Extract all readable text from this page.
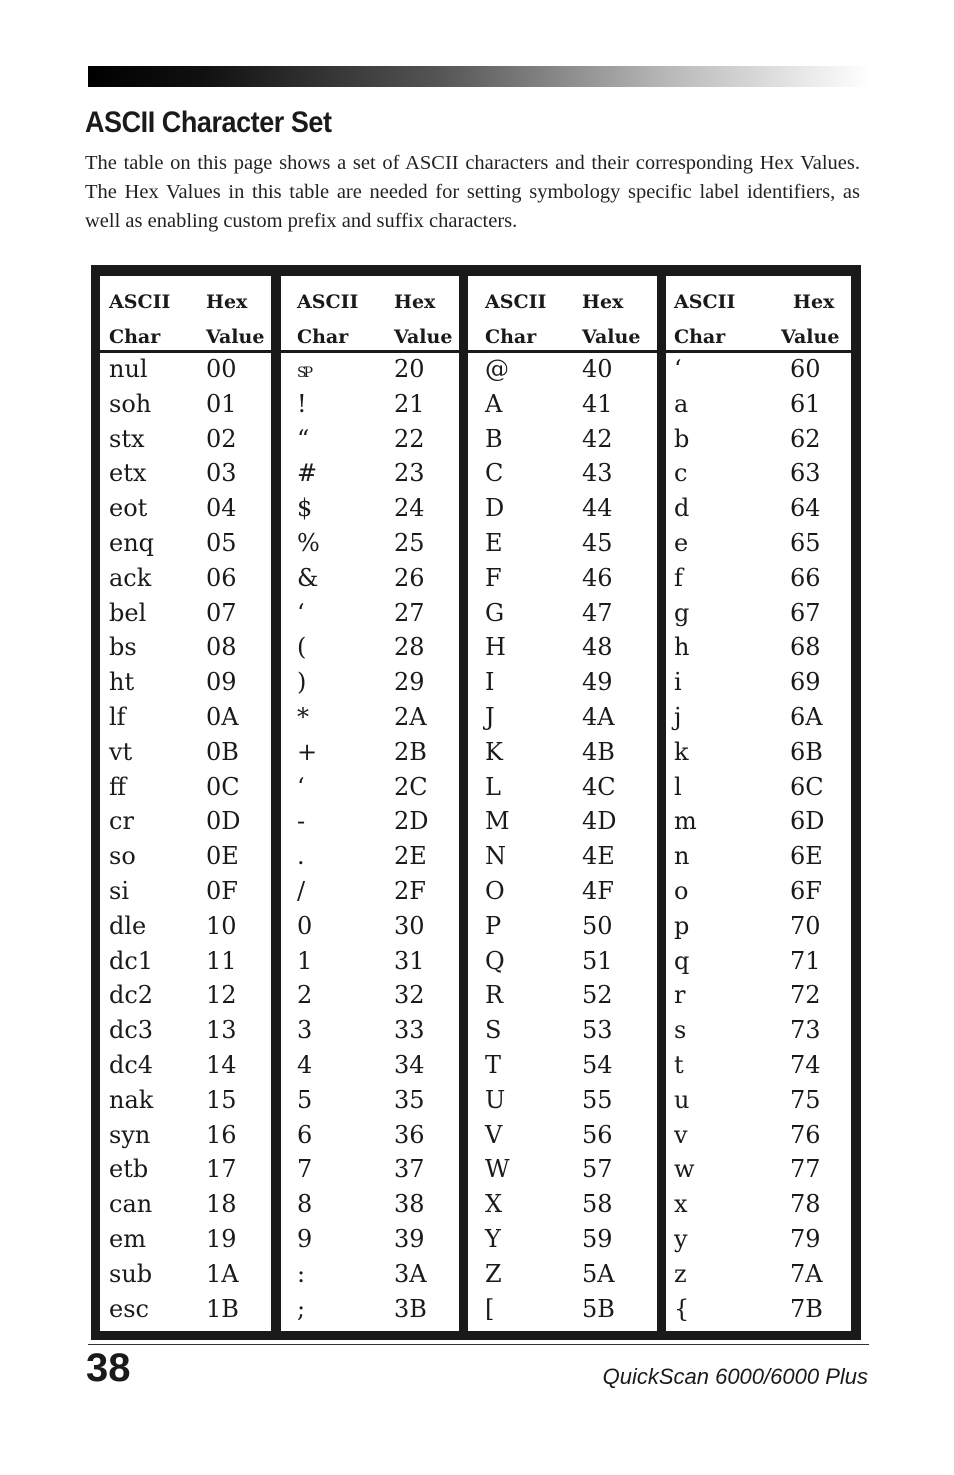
ASCII Character Set
The table on this page shows a set of ASCII characters and their corresponding Hex Values. The Hex Values in this table are needed for setting symbology specific label identifiers, as well as enabling custom prefix and suffix characters.
ASCII Hex
Char Value
nul 00
soh 01
stx	02
etx 03
eot 04
enq 05
ack 06
bel 07
bs	08
ht	09
lf	0A
vt	0B
ff	0C
cr	0D
so	0E
si	0F
dle 10
dc1 11
dc2 12
dc3 13
dc4 14
nak 15
syn 16
etb 17
can 18
em	19
sub 1A
esc 1B
ASCII Hex
Char Value
SP	20
!	21
“	22
#	23
$	24
%	25
&	26
‘	27
(	28
)	29
*	2A
+	2B
‘	2C
-	2D
.	2E
/	2F
0	30
1	31
2	32
3	33
4	34
5	35
6	36
7	37
8	38
9	39
:	3A
;	3B
ASCII Hex
Char Value
@	40
A	41
B	42
C	43
D	44
E	45
F	46
G	47
H	48
I	49
J	4A
K	4B
L	4C
M	4D
N	4E
O	4F
P	50
Q	51
R	52
S	53
T	54
U	55
V	56
W	57
X	58
Y	59
Z	5A
[	5B
ASCII	Hex
Char	Value
‘	60
a	61
b	62
c	63
d	64
e	65
f	66
g	67
h	68
i	69
j	6A
k	6B
l	6C
m	6D
n	6E
o	6F
p	70
q	71
r	72
s	73
t	74
u	75
v	76
w	77
x	78
y	79
z	7A
{	7B
38	QuickScan 6000/6000 Plus
